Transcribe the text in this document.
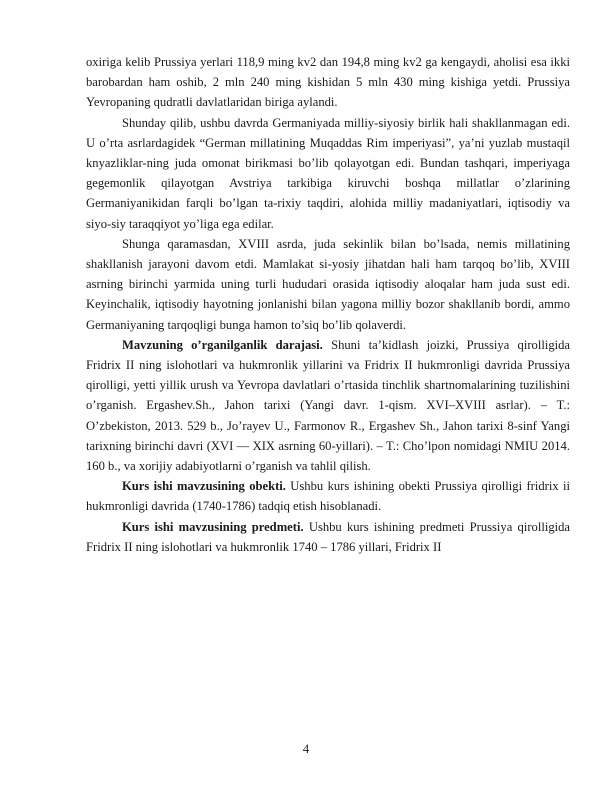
oxiriga kelib Prussiya yerlari 118,9 ming kv2 dan 194,8 ming kv2 ga kengaydi, aholisi esa ikki barobardan ham oshib, 2 mln 240 ming kishidan 5 mln 430 ming kishiga yetdi. Prussiya Yevropaning qudratli davlatlaridan biriga aylandi.

Shunday qilib, ushbu davrda Germaniyada milliy-siyosiy birlik hali shakllanmagan edi. U o’rta asrlardagidek “German millatining Muqaddas Rim imperiyasi”, ya’ni yuzlab mustaqil knyazliklar-ning juda omonat birikmasi bo’lib qolayotgan edi. Bundan tashqari, imperiyaga gegemonlik qilayotgan Avstriya tarkibiga kiruvchi boshqa millatlar o’zlarining Germaniyanikidan farqli bo’lgan ta-rixiy taqdiri, alohida milliy madaniyatlari, iqtisodiy va siyo-siy taraqqiyot yo’liga ega edilar.

Shunga qaramasdan, XVIII asrda, juda sekinlik bilan bo’lsada, nemis millatining shakllanish jarayoni davom etdi. Mamlakat si-yosiy jihatdan hali ham tarqoq bo’lib, XVIII asrning birinchi yarmida uning turli hududari orasida iqtisodiy aloqalar ham juda sust edi. Keyinchalik, iqtisodiy hayotning jonlanishi bilan yagona milliy bozor shakllanib bordi, ammo Germaniyaning tarqoqligi bunga hamon to’siq bo’lib qolaverdi.

Mavzuning o’rganilganlik darajasi. Shuni ta’kidlash joizki, Prussiya qirolligida Fridrix II ning islohotlari va hukmronlik yillarini va Fridrix II hukmronligi davrida Prussiya qirolligi, yetti yillik urush va Yevropa davlatlari o’rtasida tinchlik shartnomalarining tuzilishini o’rganish. Ergashev.Sh., Jahon tarixi (Yangi davr. 1-qism. XVI–XVIII asrlar). – T.: O’zbekiston, 2013. 529 b., Jo’rayev U., Farmonov R., Ergashev Sh., Jahon tarixi 8-sinf Yangi tarixning birinchi davri (XVI — XIX asrning 60-yillari). – T.: Cho’lpon nomidagi NMIU 2014. 160 b., va xorijiy adabiyotlarni o’rganish va tahlil qilish.

Kurs ishi mavzusining obekti. Ushbu kurs ishining obekti Prussiya qirolligi fridrix ii hukmronligi davrida (1740-1786) tadqiq etish hisoblanadi.

Kurs ishi mavzusining predmeti. Ushbu kurs ishining predmeti Prussiya qirolligida Fridrix II ning islohotlari va hukmronlik 1740 – 1786 yillari, Fridrix II

4
